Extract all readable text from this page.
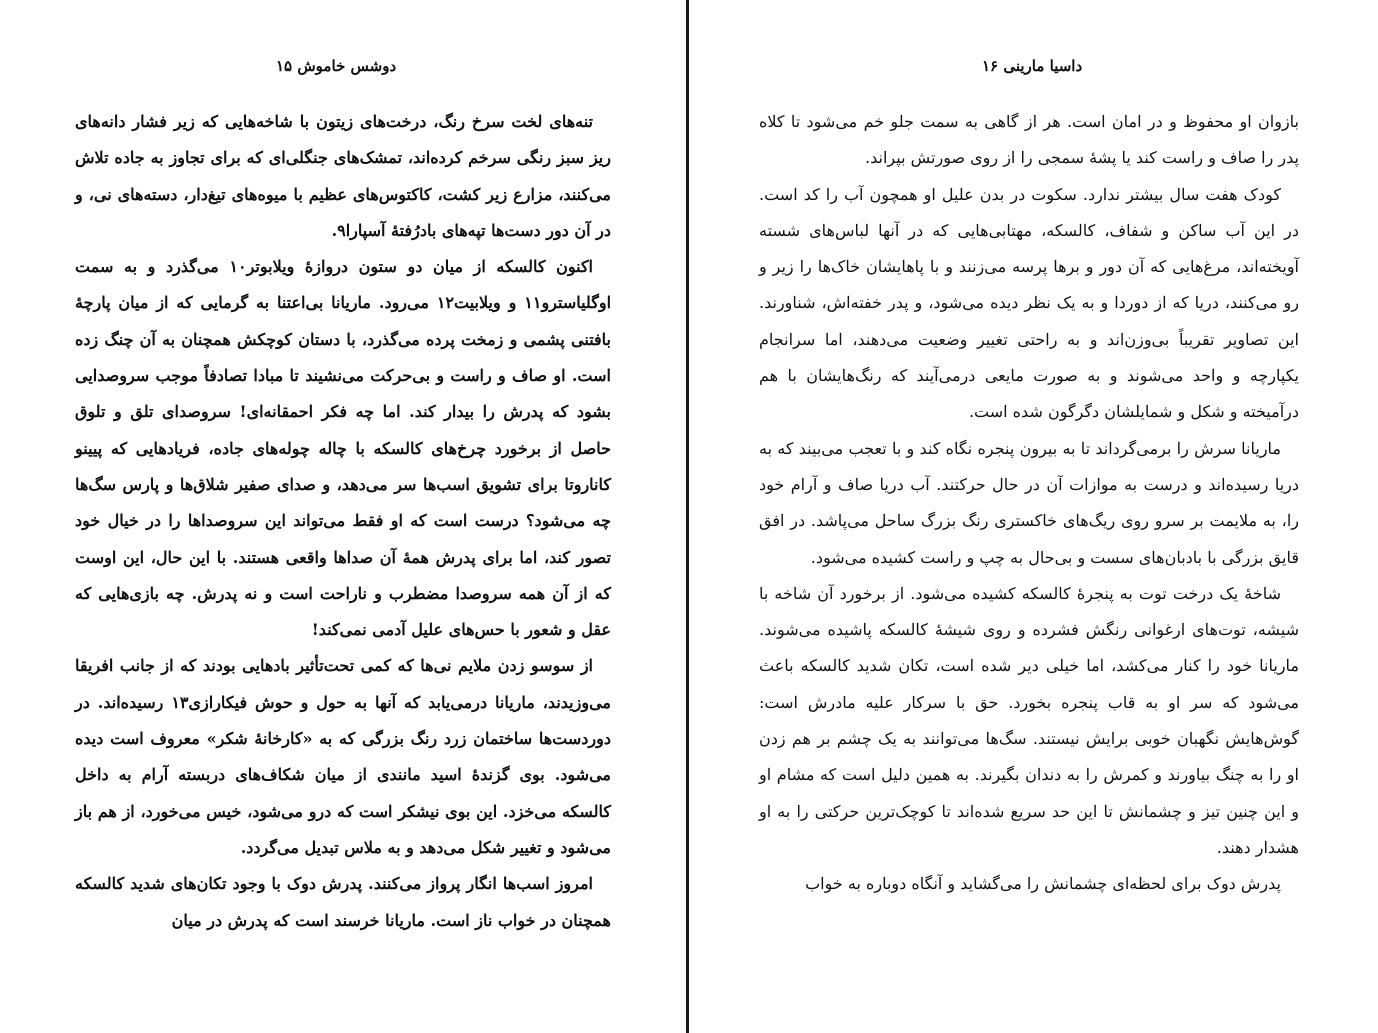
دوشس خاموش ۱۵

تنه‌های لخت سرخ رنگ، درخت‌های زیتون با شاخه‌هایی که زیر فشار دانه‌های ریز سبز رنگی سرخم کرده‌اند، تمشک‌های جنگلی‌ای که برای تجاوز به جاده تلاش می‌کنند، مزارع زیر کشت، کاکتوس‌های عظیم با میوه‌های تیغ‌دار، دسته‌های نی، و در آن دور دست‌ها تپه‌های بادرُفتهٔ آسپارا۹.

اکنون کالسکه از میان دو ستون دروازهٔ ویلابوتر۱۰ می‌گذرد و به سمت اوگلیاسترو۱۱ و ویلابیت۱۲ می‌رود. ماریانا بی‌اعتنا به گرمایی که از میان پارچهٔ بافتنی پشمی و زمخت پرده می‌گذرد، با دستان کوچکش همچنان به آن چنگ زده است. او صاف و راست و بی‌حرکت می‌نشیند تا مبادا تصادفاً موجب سروصدایی بشود که پدرش را بیدار کند. اما چه فکر احمقانه‌ای! سروصدای تلق و تلوق حاصل از برخورد چرخ‌های کالسکه با چاله چوله‌های جاده، فریادهایی که پیینو کاناروتا برای تشویق اسب‌ها سر می‌دهد، و صدای صفیر شلاق‌ها و پارس سگ‌ها چه می‌شود؟ درست است که او فقط می‌تواند این سروصداها را در خیال خود تصور کند، اما برای پدرش همهٔ آن صداها واقعی هستند. با این حال، این اوست که از آن همه سروصدا مضطرب و ناراحت است و نه پدرش. چه بازی‌هایی که عقل و شعور با حس‌های علیل آدمی نمی‌کند!

از سوسو زدن ملایم نی‌ها که کمی تحت‌تأثیر بادهایی بودند که از جانب افریقا می‌وزیدند، ماریانا درمی‌یابد که آنها به حول و حوش فیکارازی۱۳ رسیده‌اند. در دوردست‌ها ساختمان زرد رنگ بزرگی که به «کارخانهٔ شکر» معروف است دیده می‌شود. بوی گزندهٔ اسید مانندی از میان شکاف‌های دربسته آرام به داخل کالسکه می‌خزد. این بوی نیشکر است که درو می‌شود، خیس می‌خورد، از هم باز می‌شود و تغییر شکل می‌دهد و به ملاس تبدیل می‌گردد.

امروز اسب‌ها انگار پرواز می‌کنند. پدرش دوک با وجود تکان‌های شدید کالسکه همچنان در خواب ناز است. ماریانا خرسند است که پدرش در میان

داسیا مارینی ۱۶

بازوان او محفوظ و در امان است. هر از گاهی به سمت جلو خم می‌شود تا کلاه پدر را صاف و راست کند یا پشهٔ سمجی را از روی صورتش بپراند.

کودک هفت سال بیشتر ندارد. سکوت در بدن علیل او همچون آب را کد است. در این آب ساکن و شفاف، کالسکه، مهتابی‌هایی که در آنها لباس‌های شسته آویخته‌اند، مرغ‌هایی که آن دور و برها پرسه می‌زنند و با پاهایشان خاک‌ها را زیر و رو می‌کنند، دریا که از دوردا و به یک نظر دیده می‌شود، و پدر خفته‌اش، شناورند. این تصاویر تقریباً بی‌وزن‌اند و به راحتی تغییر وضعیت می‌دهند، اما سرانجام یکپارچه و واحد می‌شوند و به صورت مایعی درمی‌آیند که رنگ‌هایشان با هم درآمیخته و شکل و شمایلشان دگرگون شده است.

ماریانا سرش را برمی‌گرداند تا به بیرون پنجره نگاه کند و با تعجب می‌بیند که به دریا رسیده‌اند و درست به موازات آن در حال حرکتند. آب دریا صاف و آرام خود را، به ملایمت بر سرو روی ریگ‌های خاکستری رنگ بزرگ ساحل می‌پاشد. در افق قایق بزرگی با بادبان‌های سست و بی‌حال به چپ و راست کشیده می‌شود.

شاخهٔ یک درخت توت به پنجرهٔ کالسکه کشیده می‌شود. از برخورد آن شاخه با شیشه، توت‌های ارغوانی رنگش فشرده و روی شیشهٔ کالسکه پاشیده می‌شوند. ماریانا خود را کنار می‌کشد، اما خیلی دیر شده است، تکان شدید کالسکه باعث می‌شود که سر او به قاب پنجره بخورد. حق با سرکار علیه مادرش است: گوش‌هایش نگهبان خوبی برایش نیستند. سگ‌ها می‌توانند به یک چشم بر هم زدن او را به چنگ بیاورند و کمرش را به دندان بگیرند. به همین دلیل است که مشام او و این چنین تیز و چشمانش تا این حد سریع شده‌اند تا کوچک‌ترین حرکتی را به او هشدار دهند.

پدرش دوک برای لحظه‌ای چشمانش را می‌گشاید و آنگاه دوباره به خواب
